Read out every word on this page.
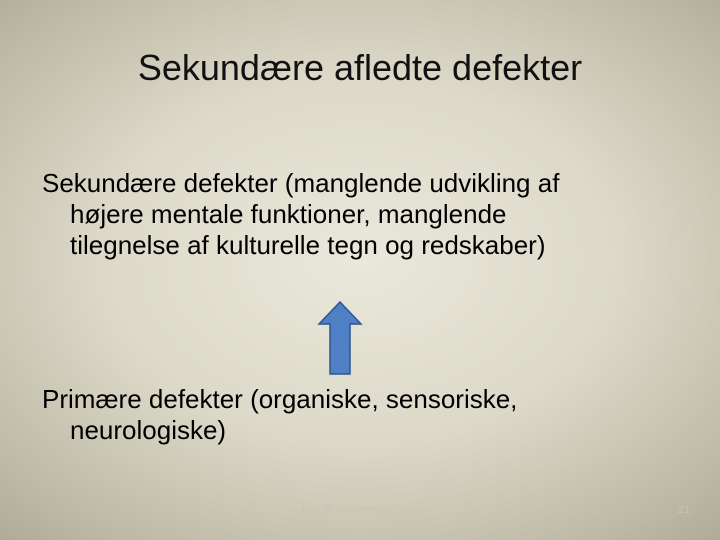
Sekundære afledte defekter
Sekundære defekter (manglende udvikling af
højere mentale funktioner, manglende
tilegnelse af kulturelle tegn og redskaber)
Primære defekter (organiske, sensoriske,
neurologiske)
NNDR konference 2010	21
